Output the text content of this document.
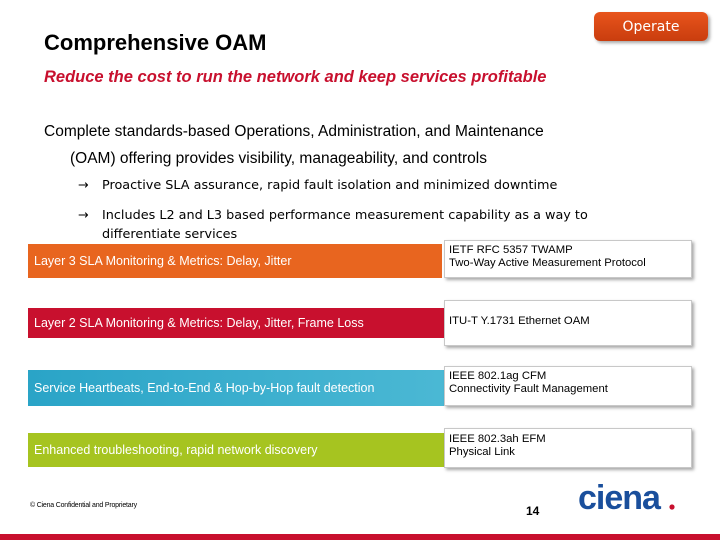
Operate
Comprehensive OAM
Reduce the cost to run the network and keep services profitable
Complete standards-based Operations, Administration, and Maintenance
(OAM) offering provides visibility, manageability, and controls
→ Proactive SLA assurance, rapid fault isolation and minimized downtime
→ Includes L2 and L3 based performance measurement capability as a way to
differentiate services
Layer 3 SLA Monitoring & Metrics: Delay, Jitter
IETF RFC 5357 TWAMP
Two-Way Active Measurement Protocol
Layer 2 SLA Monitoring & Metrics: Delay, Jitter, Frame Loss	ITU-T Y.1731 Ethernet OAM
Service Heartbeats, End-to-End & Hop-by-Hop fault detection
IEEE 802.1ag CFM
Connectivity Fault Management
Enhanced troubleshooting, rapid network discovery
IEEE 802.3ah EFM
Physical Link
© Ciena Confidential and Proprietary	14 ciena
